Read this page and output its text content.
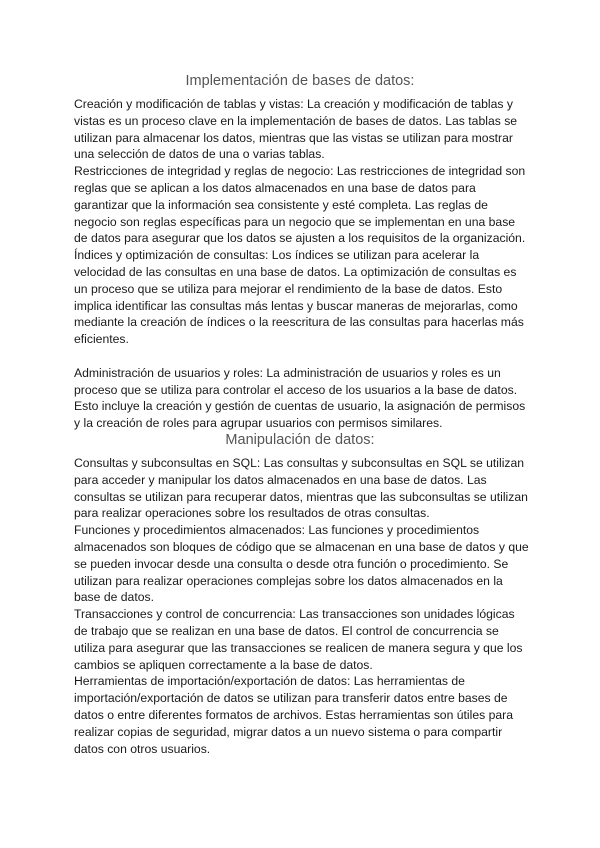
Implementación de bases de datos:

Creación y modificación de tablas y vistas: La creación y modificación de tablas y vistas es un proceso clave en la implementación de bases de datos. Las tablas se utilizan para almacenar los datos, mientras que las vistas se utilizan para mostrar una selección de datos de una o varias tablas.

Restricciones de integridad y reglas de negocio: Las restricciones de integridad son reglas que se aplican a los datos almacenados en una base de datos para garantizar que la información sea consistente y esté completa. Las reglas de negocio son reglas específicas para un negocio que se implementan en una base de datos para asegurar que los datos se ajusten a los requisitos de la organización.

Índices y optimización de consultas: Los índices se utilizan para acelerar la velocidad de las consultas en una base de datos. La optimización de consultas es un proceso que se utiliza para mejorar el rendimiento de la base de datos. Esto implica identificar las consultas más lentas y buscar maneras de mejorarlas, como mediante la creación de índices o la reescritura de las consultas para hacerlas más eficientes.

Administración de usuarios y roles: La administración de usuarios y roles es un proceso que se utiliza para controlar el acceso de los usuarios a la base de datos. Esto incluye la creación y gestión de cuentas de usuario, la asignación de permisos y la creación de roles para agrupar usuarios con permisos similares.

Manipulación de datos:

Consultas y subconsultas en SQL: Las consultas y subconsultas en SQL se utilizan para acceder y manipular los datos almacenados en una base de datos. Las consultas se utilizan para recuperar datos, mientras que las subconsultas se utilizan para realizar operaciones sobre los resultados de otras consultas.

Funciones y procedimientos almacenados: Las funciones y procedimientos almacenados son bloques de código que se almacenan en una base de datos y que se pueden invocar desde una consulta o desde otra función o procedimiento. Se utilizan para realizar operaciones complejas sobre los datos almacenados en la base de datos.

Transacciones y control de concurrencia: Las transacciones son unidades lógicas de trabajo que se realizan en una base de datos. El control de concurrencia se utiliza para asegurar que las transacciones se realicen de manera segura y que los cambios se apliquen correctamente a la base de datos.

Herramientas de importación/exportación de datos: Las herramientas de importación/exportación de datos se utilizan para transferir datos entre bases de datos o entre diferentes formatos de archivos. Estas herramientas son útiles para realizar copias de seguridad, migrar datos a un nuevo sistema o para compartir datos con otros usuarios.
